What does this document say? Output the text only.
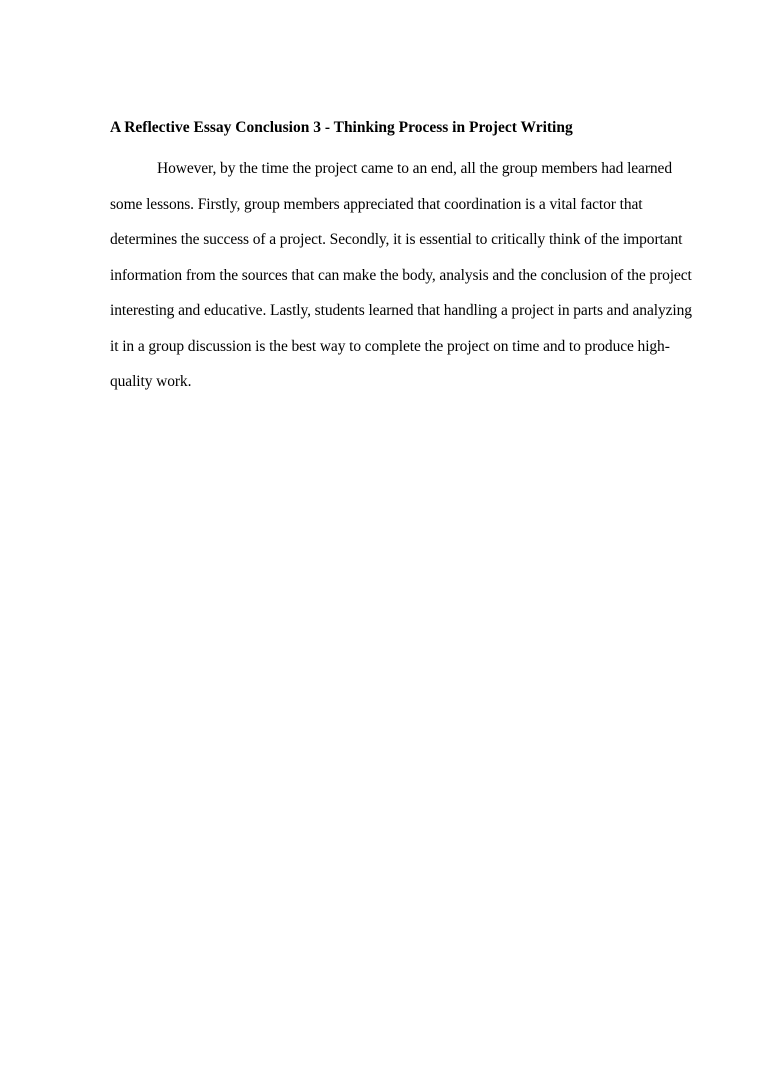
A Reflective Essay Conclusion 3 - Thinking Process in Project Writing
However, by the time the project came to an end, all the group members had learned
some lessons. Firstly, group members appreciated that coordination is a vital factor that
determines the success of a project. Secondly, it is essential to critically think of the important
information from the sources that can make the body, analysis and the conclusion of the project
interesting and educative. Lastly, students learned that handling a project in parts and analyzing
it in a group discussion is the best way to complete the project on time and to produce high-
quality work.
